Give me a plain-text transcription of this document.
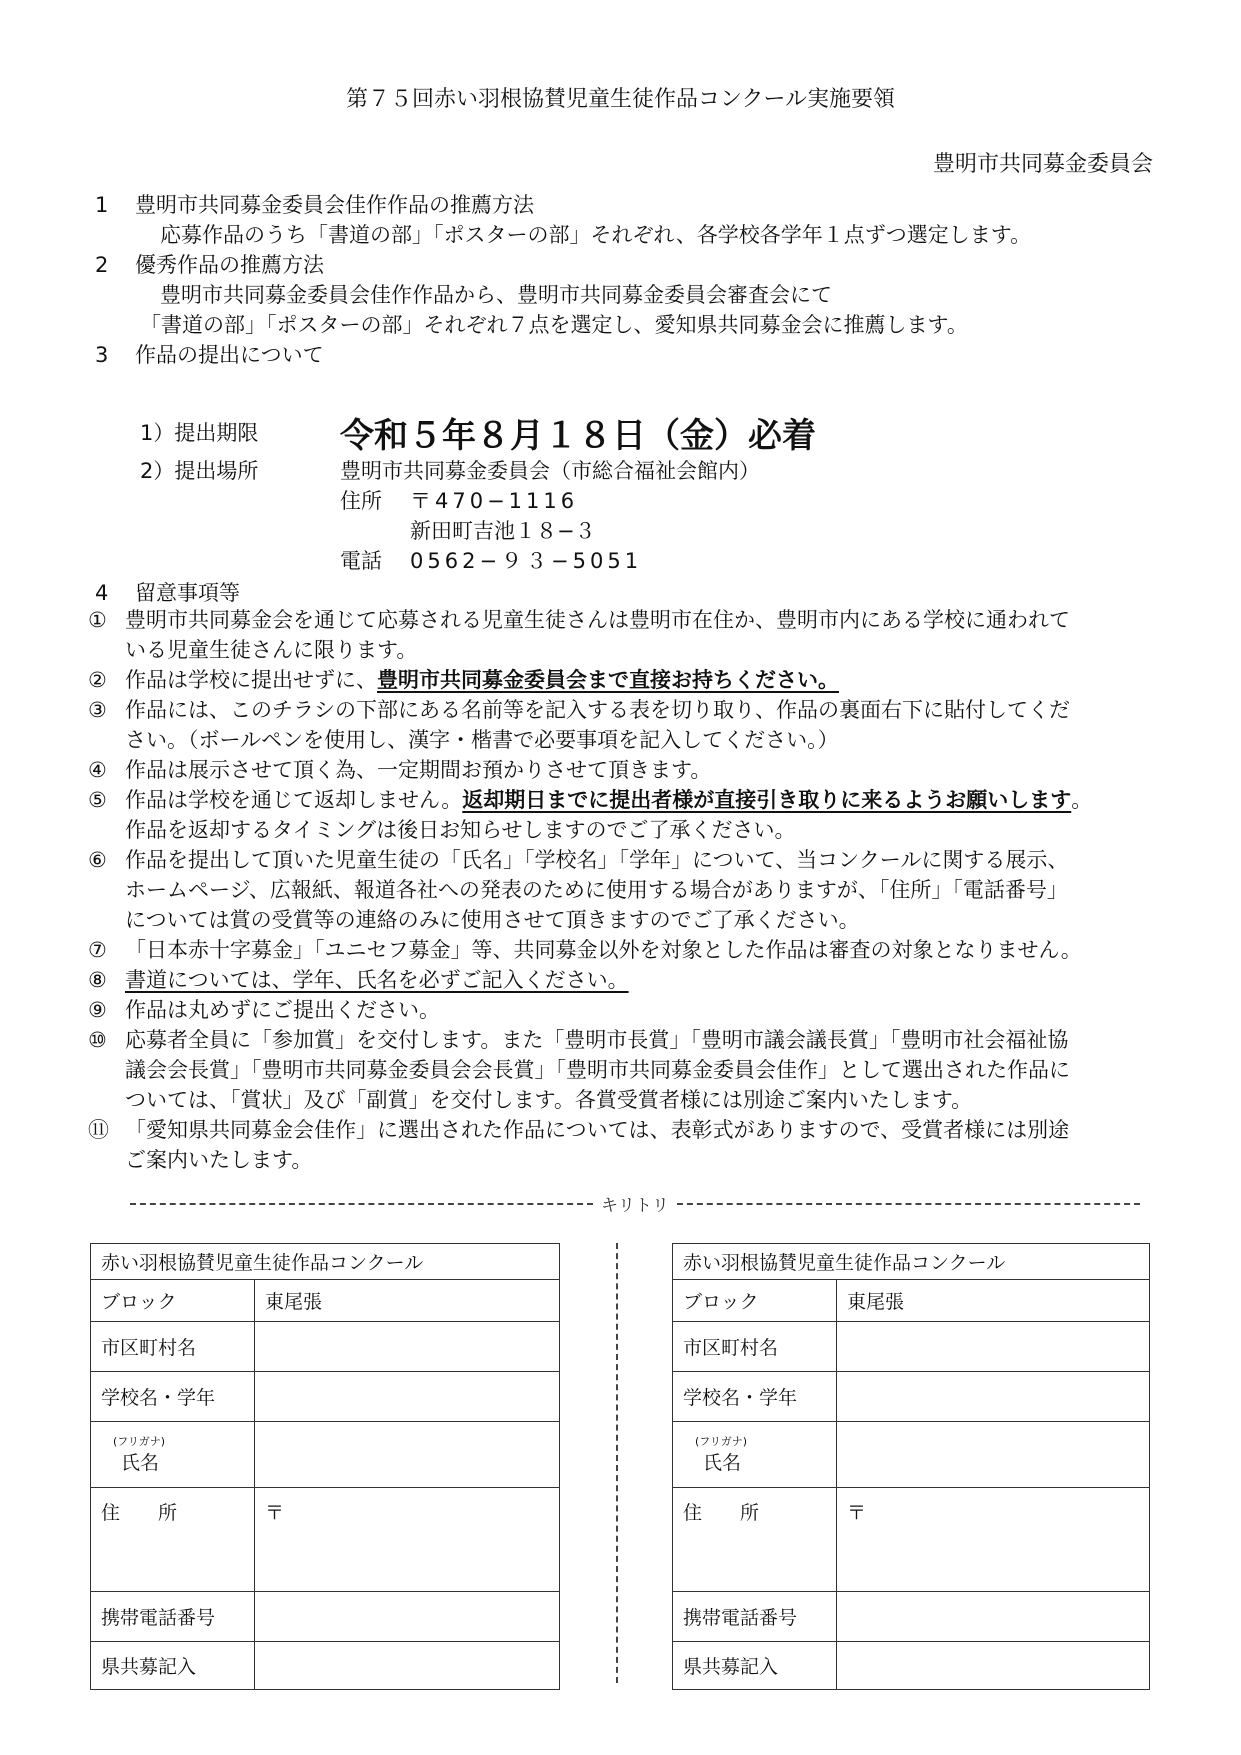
第７５回赤い羽根協賛児童生徒作品コンクール実施要領
豊明市共同募金委員会
1 豊明市共同募金委員会佳作作品の推薦方法
応募作品のうち「書道の部」「ポスターの部」それぞれ、各学校各学年１点ずつ選定します。
2 優秀作品の推薦方法
豊明市共同募金委員会佳作作品から、豊明市共同募金委員会審査会にて
「書道の部」「ポスターの部」それぞれ７点を選定し、愛知県共同募金会に推薦します。
3 作品の提出について
1）提出期限 令和５年８月１８日（金）必着
2）提出場所	豊明市共同募金委員会（市総合福祉会館内）
住所 〒470−1116
新田町吉池１８−３
電話 0562−９３−5051
4 留意事項等
① 豊明市共同募金会を通じて応募される児童生徒さんは豊明市在住か、豊明市内にある学校に通われて
いる児童生徒さんに限ります。
② 作品は学校に提出せずに、豊明市共同募金委員会まで直接お持ちください。
③ 作品には、このチラシの下部にある名前等を記入する表を切り取り、作品の裏面右下に貼付してくだ
さい。（ボールペンを使用し、漢字・楷書で必要事項を記入してください。）
④ 作品は展示させて頂く為、一定期間お預かりさせて頂きます。
⑤ 作品は学校を通じて返却しません。返却期日までに提出者様が直接引き取りに来るようお願いします。
作品を返却するタイミングは後日お知らせしますのでご了承ください。
⑥ 作品を提出して頂いた児童生徒の「氏名」「学校名」「学年」について、当コンクールに関する展示、
ホームページ、広報紙、報道各社への発表のために使用する場合がありますが、「住所」「電話番号」
については賞の受賞等の連絡のみに使用させて頂きますのでご了承ください。
⑦ 「日本赤十字募金」「ユニセフ募金」等、共同募金以外を対象とした作品は審査の対象となりません。
⑧ 書道については、学年、氏名を必ずご記入ください。
⑨ 作品は丸めずにご提出ください。
⑩ 応募者全員に「参加賞」を交付します。また「豊明市長賞」「豊明市議会議長賞」「豊明市社会福祉協
議会会長賞」「豊明市共同募金委員会会長賞」「豊明市共同募金委員会佳作」として選出された作品に
ついては、「賞状」及び「副賞」を交付します。各賞受賞者様には別途ご案内いたします。
⑪ 「愛知県共同募金会佳作」に選出された作品については、表彰式がありますので、受賞者様には別途
ご案内いたします。
キリトリ
赤い羽根協賛児童生徒作品コンクール	
ブロック	東尾張
市区町村名	
学校名・学年	

(フリガナ)
氏名	
住　　所	〒
携帯電話番号	
県共募記入	
赤い羽根協賛児童生徒作品コンクール	
ブロック	東尾張
市区町村名	
学校名・学年	

(フリガナ)
氏名	
住　　所	〒
携帯電話番号	
県共募記入	
